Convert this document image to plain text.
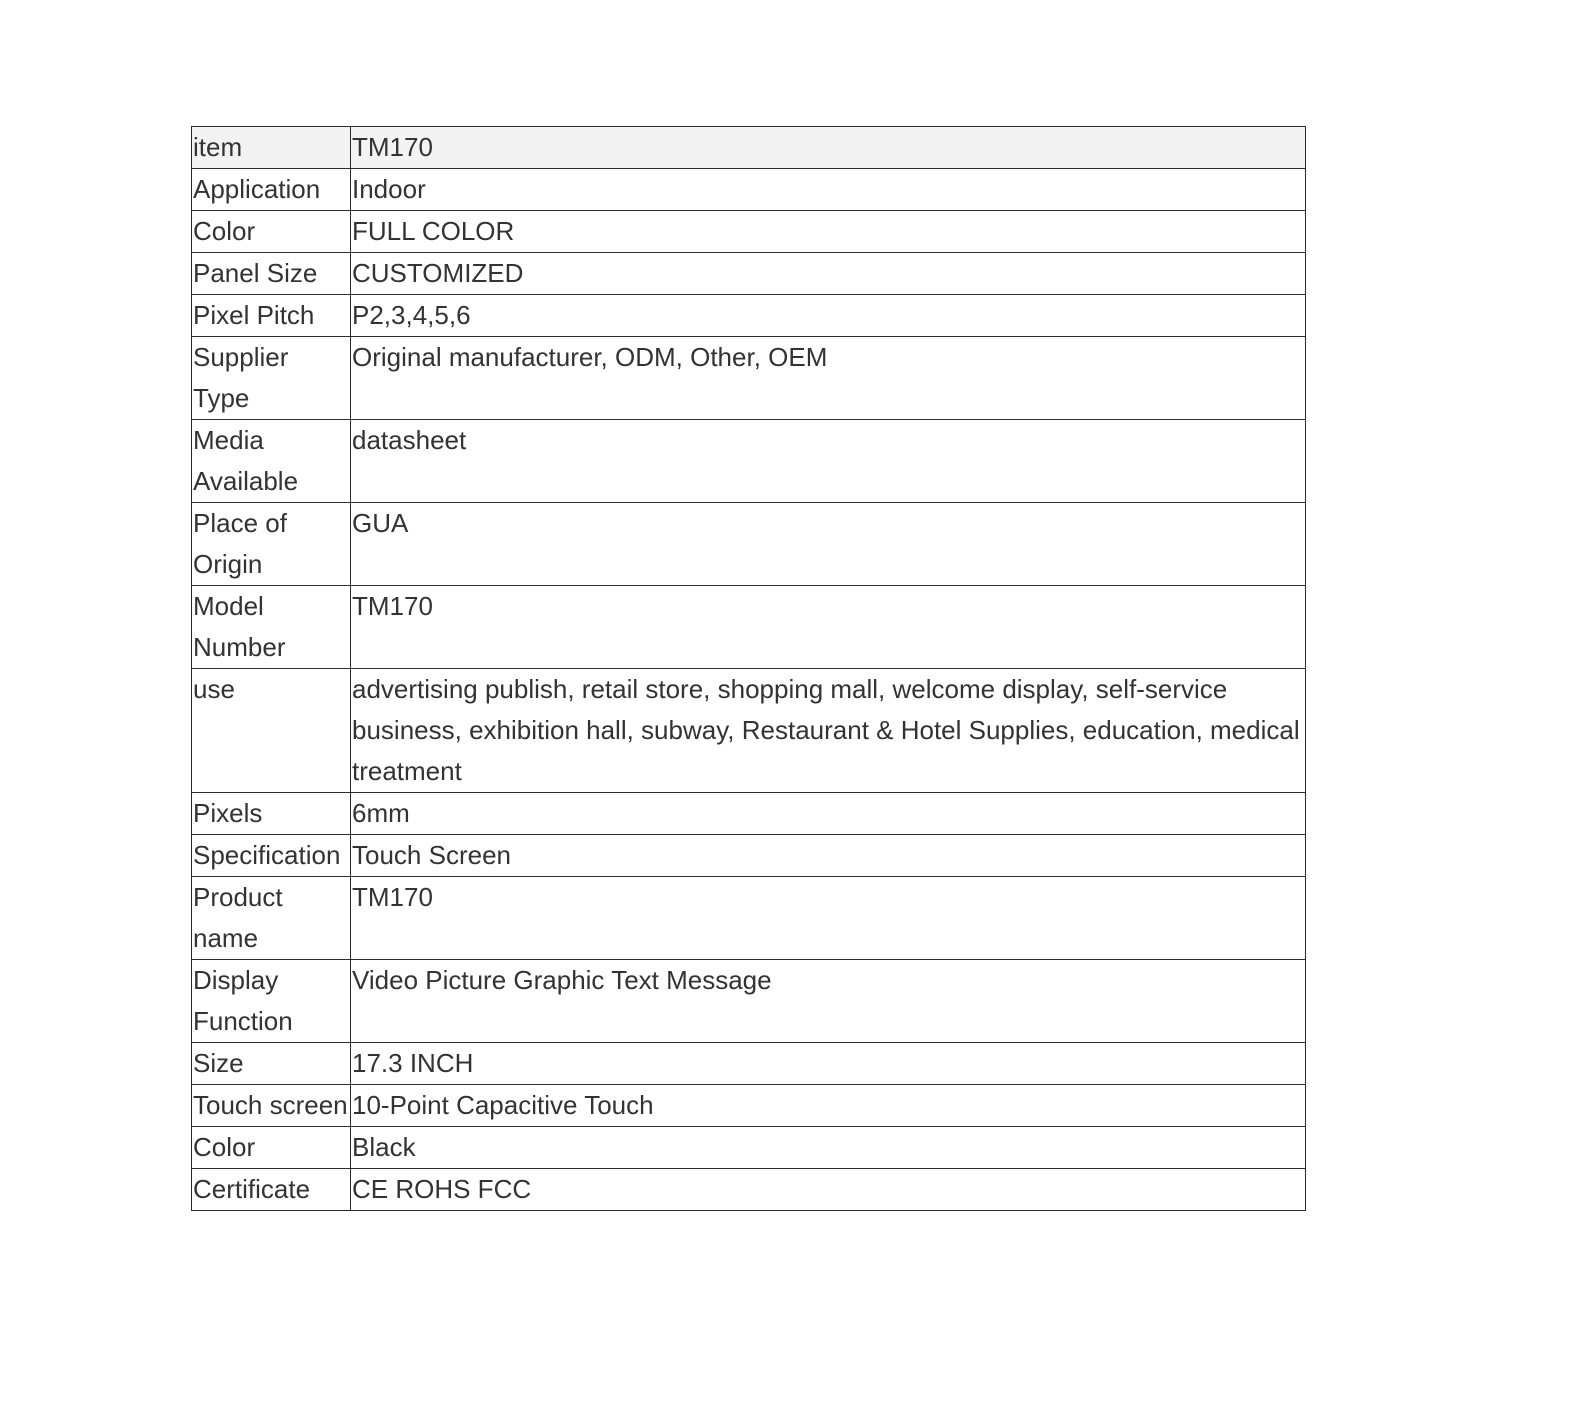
item	TM170
Application	Indoor
Color	FULL COLOR
Panel Size	CUSTOMIZED
Pixel Pitch	P2,3,4,5,6
Supplier Type	Original manufacturer, ODM, Other, OEM
Media Available	datasheet
Place of Origin	GUA
Model Number	TM170
use	advertising publish, retail store, shopping mall, welcome display, self-service business, exhibition hall, subway, Restaurant & Hotel Supplies, education, medical treatment
Pixels	6mm
Specification	Touch Screen
Product name	TM170
Display Function	Video Picture Graphic Text Message
Size	17.3 INCH
Touch screen	10-Point Capacitive Touch
Color	Black
Certificate	CE ROHS FCC
